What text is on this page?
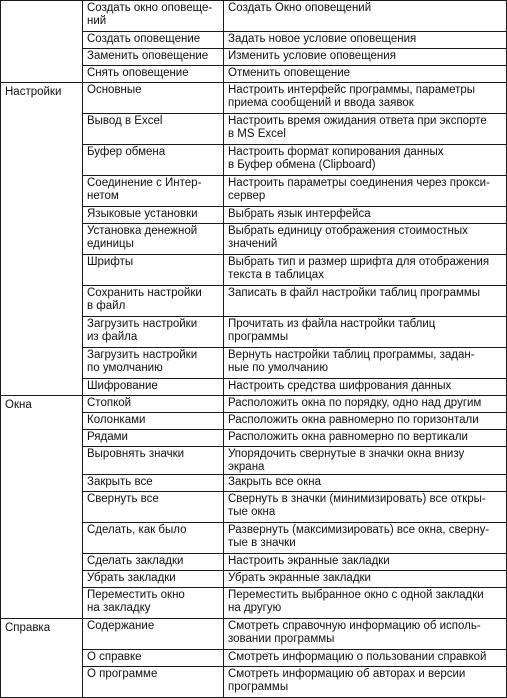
	Создать окно оповеще-
ний	Создать Окно оповещений
	Создать оповещение	Задать новое условие оповещения
	Заменить оповещение	Изменить условие оповещения
	Снять оповещение	Отменить оповещение
Настройки	Основные	Настроить интерфейс программы, параметры
приема сообщений и ввода заявок
	Вывод в Excel	Настроить время ожидания ответа при экспорте
в MS Excel
	Буфер обмена	Настроить формат копирования данных
в Буфер обмена (Clipboard)
	Соединение с Интер-
нетом	Настроить параметры соединения через прокси-
сервер
	Языковые установки	Выбрать язык интерфейса
	Установка денежной
единицы	Выбрать единицу отображения стоимостных
значений
	Шрифты	Выбрать тип и размер шрифта для отображения
текста в таблицах
	Сохранить настройки
в файл	Записать в файл настройки таблиц программы
	Загрузить настройки
из файла	Прочитать из файла настройки таблиц
программы
	Загрузить настройки
по умолчанию	Вернуть настройки таблиц программы, задан-
ные по умолчанию
	Шифрование	Настроить средства шифрования данных
Окна	Стопкой	Расположить окна по порядку, одно над другим
	Колонками	Расположить окна равномерно по горизонтали
	Рядами	Расположить окна равномерно по вертикали
	Выровнять значки	Упорядочить свернутые в значки окна внизу экрана
	Закрыть все	Закрыть все окна
	Свернуть все	Свернуть в значки (минимизировать) все откры-
тые окна
	Сделать, как было	Развернуть (максимизировать) все окна, сверну-
тые в значки
	Сделать закладки	Настроить экранные закладки
	Убрать закладки	Убрать экранные закладки
	Переместить окно
на закладку	Переместить выбранное окно с одной закладки
на другую
Справка	Содержание	Смотреть справочную информацию об исполь-
зовании программы
	О справке	Смотреть информацию о пользовании справкой
	О программе	Смотреть информацию об авторах и версии
программы
